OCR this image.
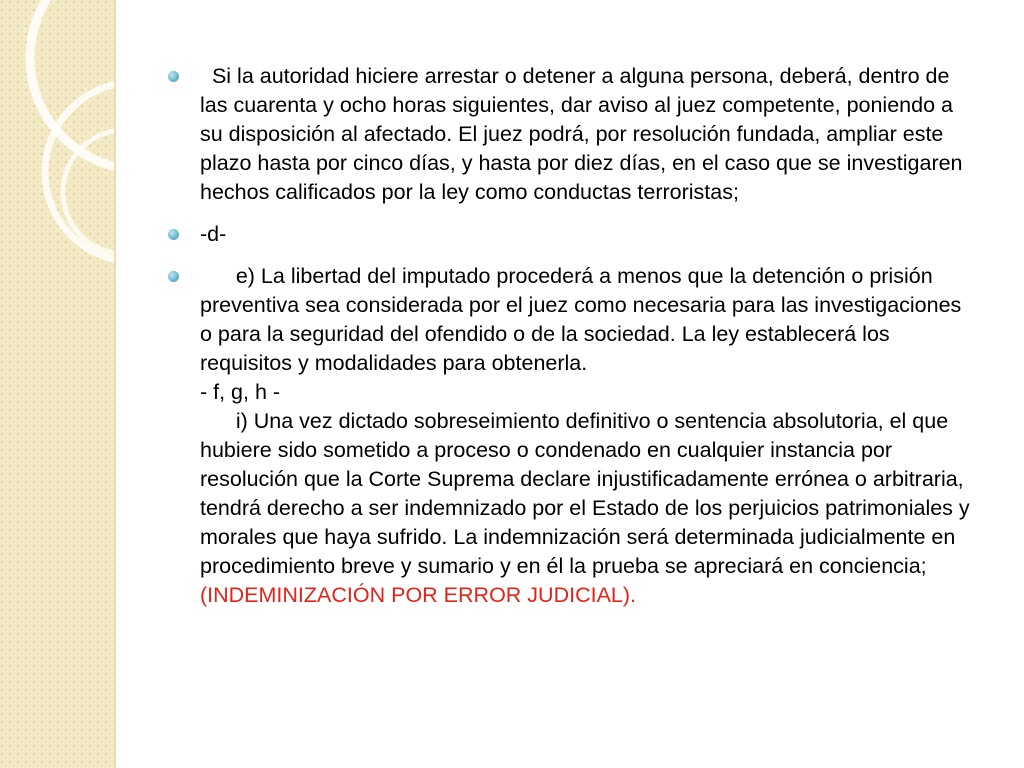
Si la autoridad hiciere arrestar o detener a alguna persona, deberá, dentro de las cuarenta y ocho horas siguientes, dar aviso al juez competente, poniendo a su disposición al afectado. El juez podrá, por resolución fundada, ampliar este plazo hasta por cinco días, y hasta por diez días, en el caso que se investigaren hechos calificados por la ley como conductas terroristas;
-d-
e) La libertad del imputado procederá a menos que la detención o prisión preventiva sea considerada por el juez como necesaria para las investigaciones o para la seguridad del ofendido o de la sociedad. La ley establecerá los requisitos y modalidades para obtenerla.
- f, g, h -
i) Una vez dictado sobreseimiento definitivo o sentencia absolutoria, el que hubiere sido sometido a proceso o condenado en cualquier instancia por resolución que la Corte Suprema declare injustificadamente errónea o arbitraria, tendrá derecho a ser indemnizado por el Estado de los perjuicios patrimoniales y morales que haya sufrido. La indemnización será determinada judicialmente en procedimiento breve y sumario y en él la prueba se apreciará en conciencia; (INDEMINIZACIÓN POR ERROR JUDICIAL).
